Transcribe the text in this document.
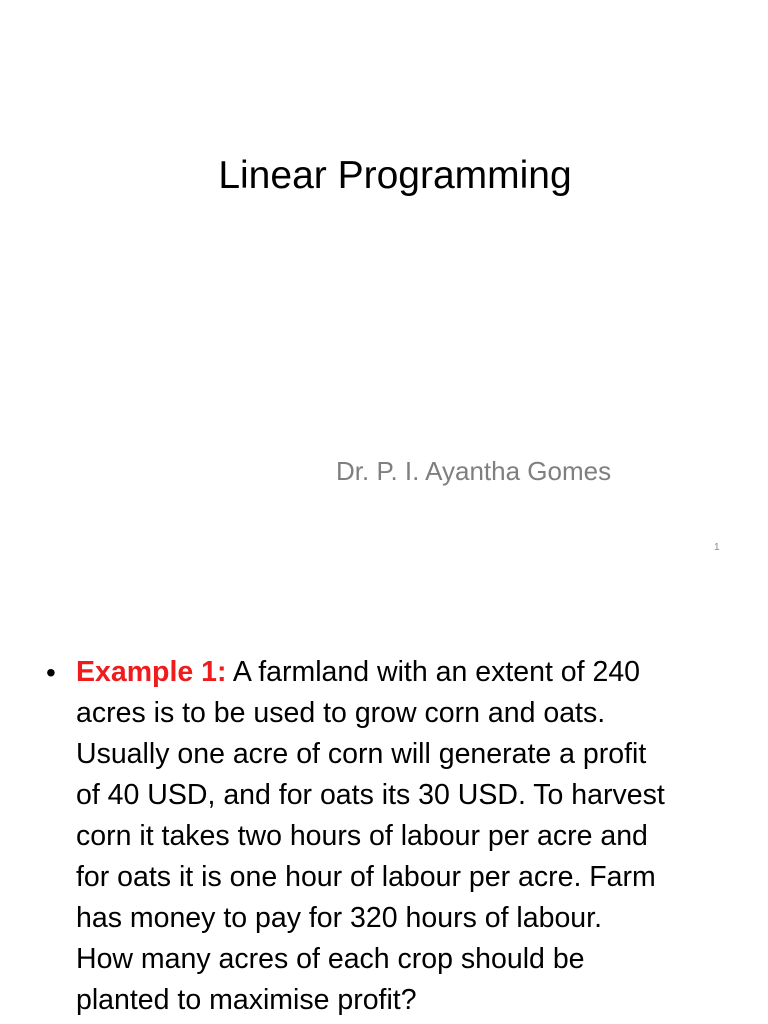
Linear Programming
Dr. P. I. Ayantha Gomes
1
• Example 1: A farmland with an extent of 240
acres is to be used to grow corn and oats.
Usually one acre of corn will generate a profit
of 40 USD, and for oats its 30 USD. To harvest
corn it takes two hours of labour per acre and
for oats it is one hour of labour per acre. Farm
has money to pay for 320 hours of labour.
How many acres of each crop should be
planted to maximise profit?
